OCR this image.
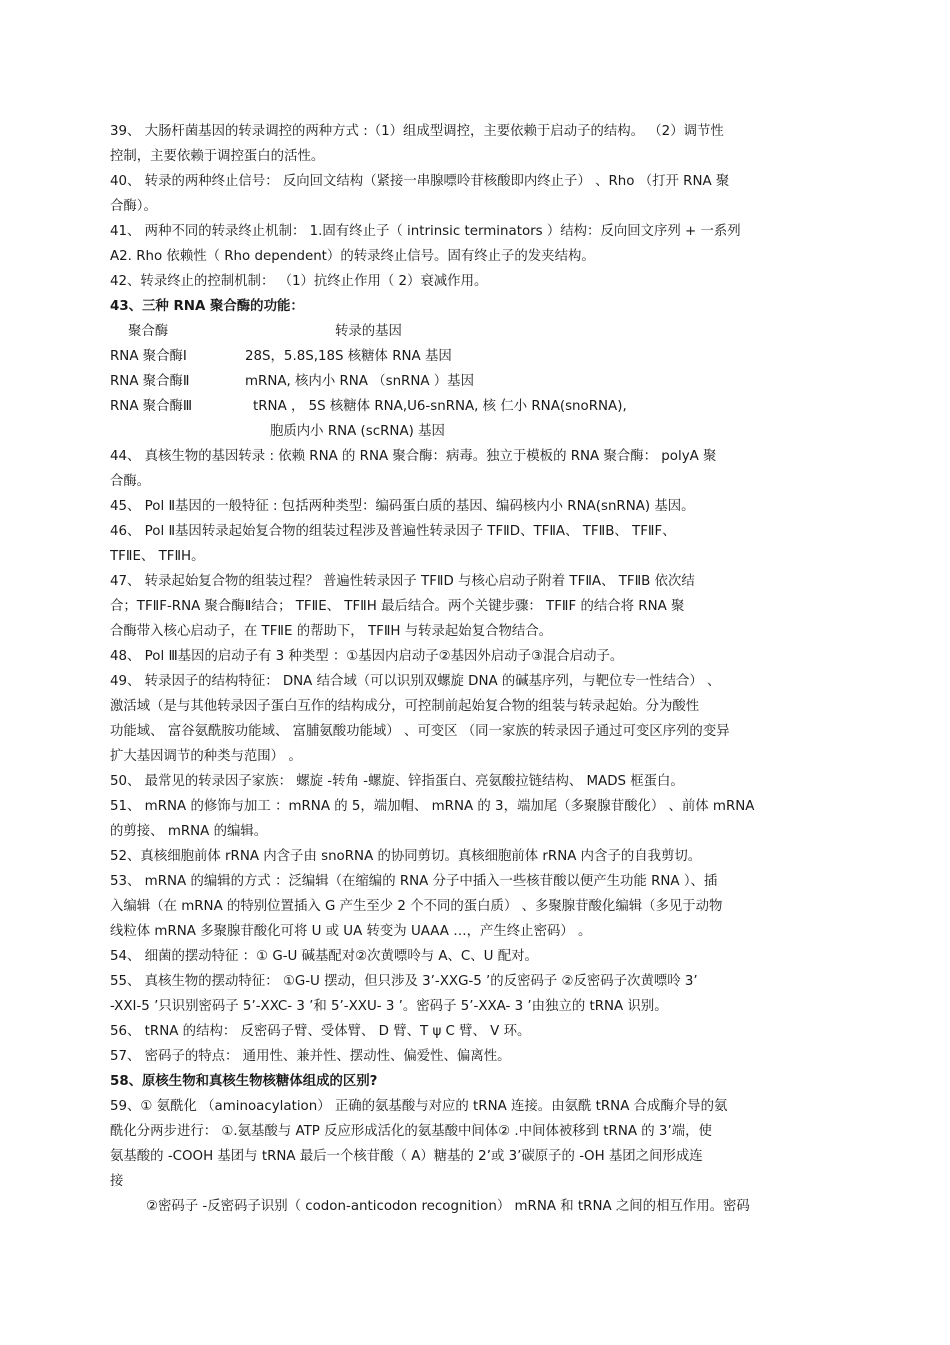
39、 大肠杆菌基因的转录调控的两种方式 :（1）组成型调控，主要依赖于启动子的结构。 （2）调节性
控制，主要依赖于调控蛋白的活性。
40、 转录的两种终止信号： 反向回文结构（紧接一串腺嘌呤苷核酸即内终止子） 、Rho （打开 RNA 聚
合酶）。
41、 两种不同的转录终止机制： 1.固有终止子（ intrinsic terminators ）结构：反向回文序列 + 一系列
A2. Rho 依赖性（ Rho dependent）的转录终止信号。固有终止子的发夹结构。
42、转录终止的控制机制： （1）抗终止作用（ 2）衰减作用。
43、三种 RNA 聚合酶的功能：
聚合酶	转录的基因
RNA 聚合酶Ⅰ	28S，5.8S,18S 核糖体 RNA 基因
RNA 聚合酶Ⅱ	mRNA, 核内小 RNA （snRNA ）基因
RNA 聚合酶Ⅲ	tRNA ， 5S 核糖体 RNA,U6-snRNA, 核 仁小 RNA(snoRNA),
胞质内小 RNA (scRNA) 基因
44、 真核生物的基因转录 : 依赖 RNA 的 RNA 聚合酶：病毒。独立于模板的 RNA 聚合酶： polyA 聚
合酶。
45、 Pol Ⅱ基因的一般特征 : 包括两种类型：编码蛋白质的基因、编码核内小 RNA(snRNA) 基因。
46、 Pol Ⅱ基因转录起始复合物的组装过程涉及普遍性转录因子 TFⅡD、TFⅡA、 TFⅡB、 TFⅡF、
TFⅡE、 TFⅡH。
47、 转录起始复合物的组装过程？ 普遍性转录因子 TFⅡD 与核心启动子附着 TFⅡA、 TFⅡB 依次结
合；TFⅡF-RNA 聚合酶Ⅱ结合； TFⅡE、 TFⅡH 最后结合。两个关键步骤： TFⅡF 的结合将 RNA 聚
合酶带入核心启动子，在 TFⅡE 的帮助下， TFⅡH 与转录起始复合物结合。
48、 Pol Ⅲ基因的启动子有 3 种类型 ：①基因内启动子②基因外启动子③混合启动子。
49、 转录因子的结构特征： DNA 结合域（可以识别双螺旋 DNA 的碱基序列，与靶位专一性结合） 、
激活域（是与其他转录因子蛋白互作的结构成分，可控制前起始复合物的组装与转录起始。分为酸性
功能域、 富谷氨酰胺功能域、 富脯氨酸功能域） 、可变区 （同一家族的转录因子通过可变区序列的变异
扩大基因调节的种类与范围） 。
50、 最常见的转录因子家族： 螺旋 -转角 -螺旋、锌指蛋白、亮氨酸拉链结构、 MADS 框蛋白。
51、 mRNA 的修饰与加工 ：mRNA 的 5，端加帽、 mRNA 的 3，端加尾（多聚腺苷酸化） 、前体 mRNA
的剪接、 mRNA 的编辑。
52、真核细胞前体 rRNA 内含子由 snoRNA 的协同剪切。真核细胞前体 rRNA 内含子的自我剪切。
53、 mRNA 的编辑的方式 ：泛编辑（在缩编的 RNA 分子中插入一些核苷酸以便产生功能 RNA ）、插
入编辑（在 mRNA 的特别位置插入 G 产生至少 2 个不同的蛋白质） 、多聚腺苷酸化编辑（多见于动物
线粒体 mRNA 多聚腺苷酸化可将 U 或 UA 转变为 UAAA …，产生终止密码） 。
54、 细菌的摆动特征 ：① G-U 碱基配对②次黄嘌呤与 A、C、U 配对。
55、 真核生物的摆动特征： ①G-U 摆动，但只涉及 3’-XXG-5 ’的反密码子 ②反密码子次黄嘌呤 3’
-XXI-5 ’只识别密码子 5’-XXC- 3 ’和 5’-XXU- 3 ’。密码子 5’-XXA- 3 ’由独立的 tRNA 识别。
56、 tRNA 的结构： 反密码子臂、受体臂、 D 臂、T ψ C 臂、 V 环。
57、 密码子的特点： 通用性、兼并性、摆动性、偏爱性、偏离性。
58、原核生物和真核生物核糖体组成的区别?
59、① 氨酰化 （aminoacylation） 正确的氨基酸与对应的 tRNA 连接。由氨酰 tRNA 合成酶介导的氨
酰化分两步进行： ①.氨基酸与 ATP 反应形成活化的氨基酸中间体② .中间体被移到 tRNA 的 3’端，使
氨基酸的 -COOH 基团与 tRNA 最后一个核苷酸（ A）糖基的 2’或 3’碳原子的 -OH 基团之间形成连
接
②密码子 -反密码子识别（ codon-anticodon recognition） mRNA 和 tRNA 之间的相互作用。密码
